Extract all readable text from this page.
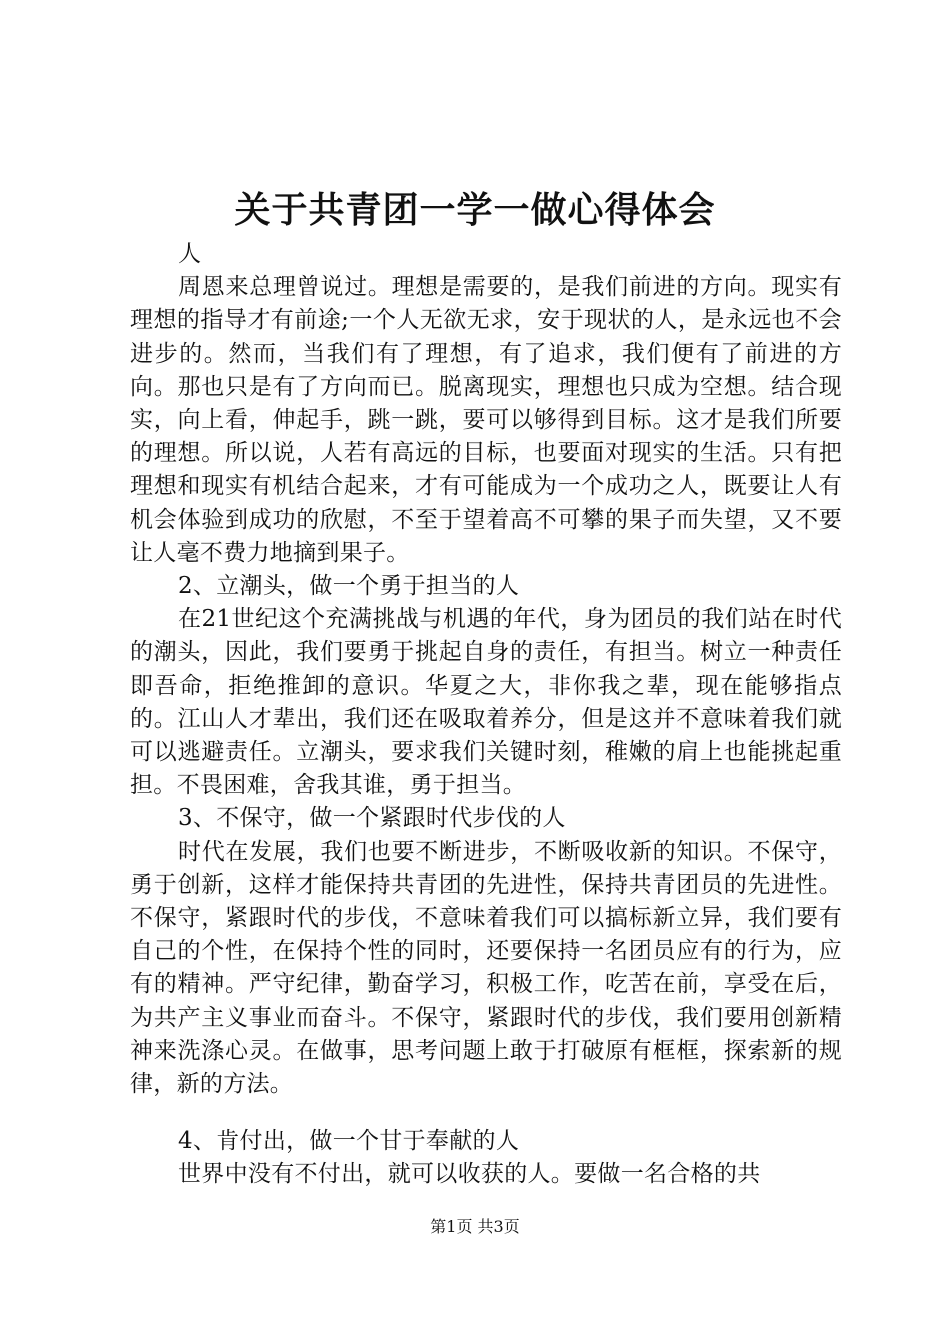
关于共青团一学一做心得体会

人

周恩来总理曾说过。理想是需要的，是我们前进的方向。现实有理想的指导才有前途;一个人无欲无求，安于现状的人，是永远也不会进步的。然而，当我们有了理想，有了追求，我们便有了前进的方向。那也只是有了方向而已。脱离现实，理想也只成为空想。结合现实，向上看，伸起手，跳一跳，要可以够得到目标。这才是我们所要的理想。所以说，人若有高远的目标，也要面对现实的生活。只有把理想和现实有机结合起来，才有可能成为一个成功之人，既要让人有机会体验到成功的欣慰，不至于望着高不可攀的果子而失望，又不要让人毫不费力地摘到果子。

2、立潮头，做一个勇于担当的人

在21世纪这个充满挑战与机遇的年代，身为团员的我们站在时代的潮头，因此，我们要勇于挑起自身的责任，有担当。树立一种责任即吾命，拒绝推卸的意识。华夏之大，非你我之辈，现在能够指点的。江山人才辈出，我们还在吸取着养分，但是这并不意味着我们就可以逃避责任。立潮头，要求我们关键时刻，稚嫩的肩上也能挑起重担。不畏困难，舍我其谁，勇于担当。

3、不保守，做一个紧跟时代步伐的人

时代在发展，我们也要不断进步，不断吸收新的知识。不保守，勇于创新，这样才能保持共青团的先进性，保持共青团员的先进性。不保守，紧跟时代的步伐，不意味着我们可以搞标新立异，我们要有自己的个性，在保持个性的同时，还要保持一名团员应有的行为，应有的精神。严守纪律，勤奋学习，积极工作，吃苦在前，享受在后，为共产主义事业而奋斗。不保守，紧跟时代的步伐，我们要用创新精神来洗涤心灵。在做事，思考问题上敢于打破原有框框，探索新的规律，新的方法。

4、肯付出，做一个甘于奉献的人

世界中没有不付出，就可以收获的人。要做一名合格的共

第1页 共3页
